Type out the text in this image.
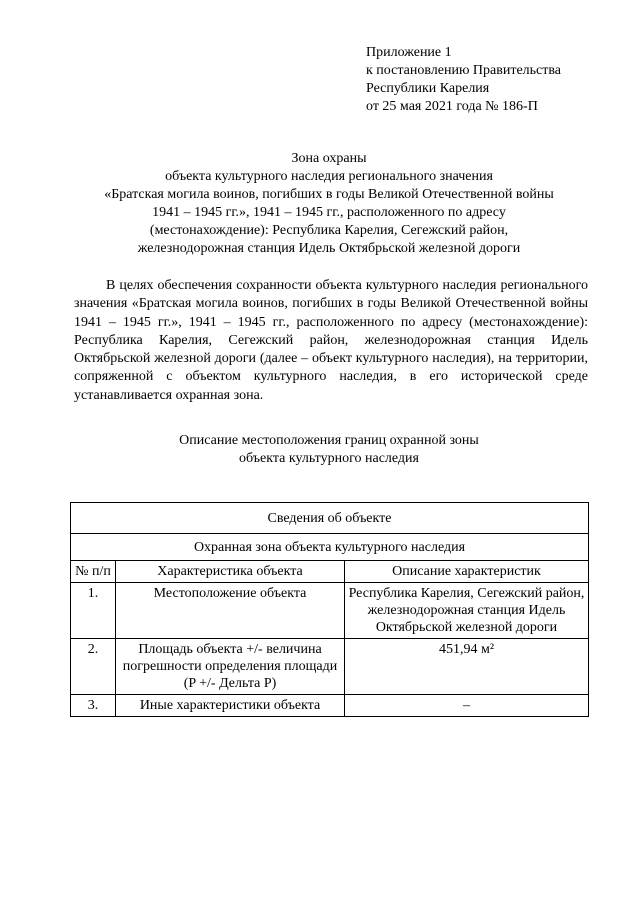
Приложение 1
к постановлению Правительства
Республики Карелия
от 25 мая 2021 года № 186-П
Зона охраны
объекта культурного наследия регионального значения
«Братская могила воинов, погибших в годы Великой Отечественной войны
1941 – 1945 гг.», 1941 – 1945 гг., расположенного по адресу
(местонахождение): Республика Карелия, Сегежский район,
железнодорожная станция Идель Октябрьской железной дороги
В целях обеспечения сохранности объекта культурного наследия регионального значения «Братская могила воинов, погибших в годы Великой Отечественной войны 1941 – 1945 гг.», 1941 – 1945 гг., расположенного по адресу (местонахождение): Республика Карелия, Сегежский район, железнодорожная станция Идель Октябрьской железной дороги (далее – объект культурного наследия), на территории, сопряженной с объектом культурного наследия, в его исторической среде устанавливается охранная зона.
Описание местоположения границ охранной зоны
объекта культурного наследия
Сведения об объекте		
Охранная зона объекта культурного наследия		
№ п/п	Характеристика объекта	Описание характеристик
1.	Местоположение объекта	Республика Карелия, Сегежский район, железнодорожная станция Идель Октябрьской железной дороги
2.	Площадь объекта +/- величина погрешности определения площади (P +/- Дельта P)	451,94 м²
3.	Иные характеристики объекта	–
